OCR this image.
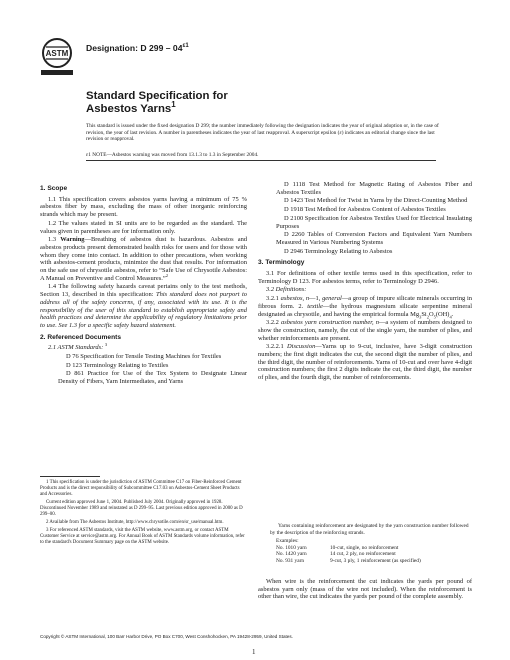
ASTM
Designation: D $299 - 04^{\varepsilon 1}$
Standard Specification for
Asbestos Yarns$^1$
This standard is issued under the fixed designation D 299; the number immediately following the designation indicates the year of original adoption or, in the case of revision, the year of last revision. A number in parentheses indicates the year of last reapproval. A superscript epsilon (ε) indicates an editorial change since the last revision or reapproval.
ε1 NOTE—Asbestos warning was moved from 13.1.3 to 1.3 in September 2004.
1. Scope

1.1 This specification covers asbestos yarns having a minimum of 75 % asbestos fiber by mass, excluding the mass of other inorganic reinforcing strands which may be present.

1.2 The values stated in SI units are to be regarded as the standard. The values given in parentheses are for information only.

1.3 Warning—Breathing of asbestos dust is hazardous. Asbestos and asbestos products present demonstrated health risks for users and for those with whom they come into contact. In addition to other precautions, when working with asbestos-cement products, minimize the dust that results. For information on the safe use of chrysotile asbestos, refer to “Safe Use of Chrysotile Asbestos: A Manual on Preventive and Control Measures.”$^2$

1.4 The following safety hazards caveat pertains only to the test methods, Section 13, described in this specification: This standard does not purport to address all of the safety concerns, if any, associated with its use. It is the responsibility of the user of this standard to establish appropriate safety and health practices and determine the applicability of regulatory limitations prior to use. See 1.3 for a specific safety hazard statement.

2. Referenced Documents

2.1 ASTM Standards: $^3$

D 76 Specification for Tensile Testing Machines for Textiles

D 123 Terminology Relating to Textiles

D 861 Practice for Use of the Tex System to Designate Linear Density of Fibers, Yarn Intermediates, and Yarns

1 This specification is under the jurisdiction of ASTM Committee C17 on Fiber-Reinforced Cement Products and is the direct responsibility of Subcommittee C17.03 on Asbestos-Cement Sheet Products and Accessories.

Current edition approved June 1, 2004. Published July 2004. Originally approved in 1928. Discontinued November 1989 and reinstated as D 299–95. Last previous edition approved in 2000 as D 299–00.

2 Available from The Asbestos Institute, http://www.chrysotile.com/en/sr_use/manual.htm.

3 For referenced ASTM standards, visit the ASTM website, www.astm.org, or contact ASTM Customer Service at service@astm.org. For Annual Book of ASTM Standards volume information, refer to the standard's Document Summary page on the ASTM website.

D 1118 Test Method for Magnetic Rating of Asbestos Fiber and Asbestos Textiles

D 1423 Test Method for Twist in Yarns by the Direct-Counting Method

D 1918 Test Method for Asbestos Content of Asbestos Textiles

D 2100 Specification for Asbestos Textiles Used for Electrical Insulating Purposes

D 2260 Tables of Conversion Factors and Equivalent Yarn Numbers Measured in Various Numbering Systems

D 2946 Terminology Relating to Asbestos

3. Terminology

3.1 For definitions of other textile terms used in this specification, refer to Terminology D 123. For asbestos terms, refer to Terminology D 2946.

3.2 Definitions:

3.2.1 asbestos, n—1, general—a group of impure silicate minerals occurring in fibrous form. 2. textile—the hydrous magnesium silicate serpentine mineral designated as chrysotile, and having the empirical formula $Mg_3Si_2O_5(OH)_4$.

3.2.2 asbestos yarn construction number, n—a system of numbers designed to show the construction, namely, the cut of the single yarn, the number of plies, and whether reinforcements are present.

3.2.2.1 Discussion—Yarns up to 9-cut, inclusive, have 3-digit construction numbers; the first digit indicates the cut, the second digit the number of plies, and the third digit, the number of reinforcements. Yarns of 10-cut and over have 4-digit construction numbers; the first 2 digits indicate the cut, the third digit, the number of plies, and the fourth digit, the number of reinforcements.

Yarns containing reinforcement are designated by the yarn construction number followed by the description of the reinforcing strands.

Examples:

No. 1010 yarn	10-cut, single, no reinforcement
No. 1420 yarn	14 cut, 2 ply, no reinforcement
No. 931 yarn	9-cut, 3 ply, 1 reinforcement (as specified)

When wire is the reinforcement the cut indicates the yards per pound of asbestos yarn only (mass of the wire not included). When the reinforcement is other than wire, the cut indicates the yards per pound of the complete assembly.

Copyright © ASTM International, 100 Barr Harbor Drive, PO Box C700, West Conshohocken, PA 19428-2959, United States.
1
